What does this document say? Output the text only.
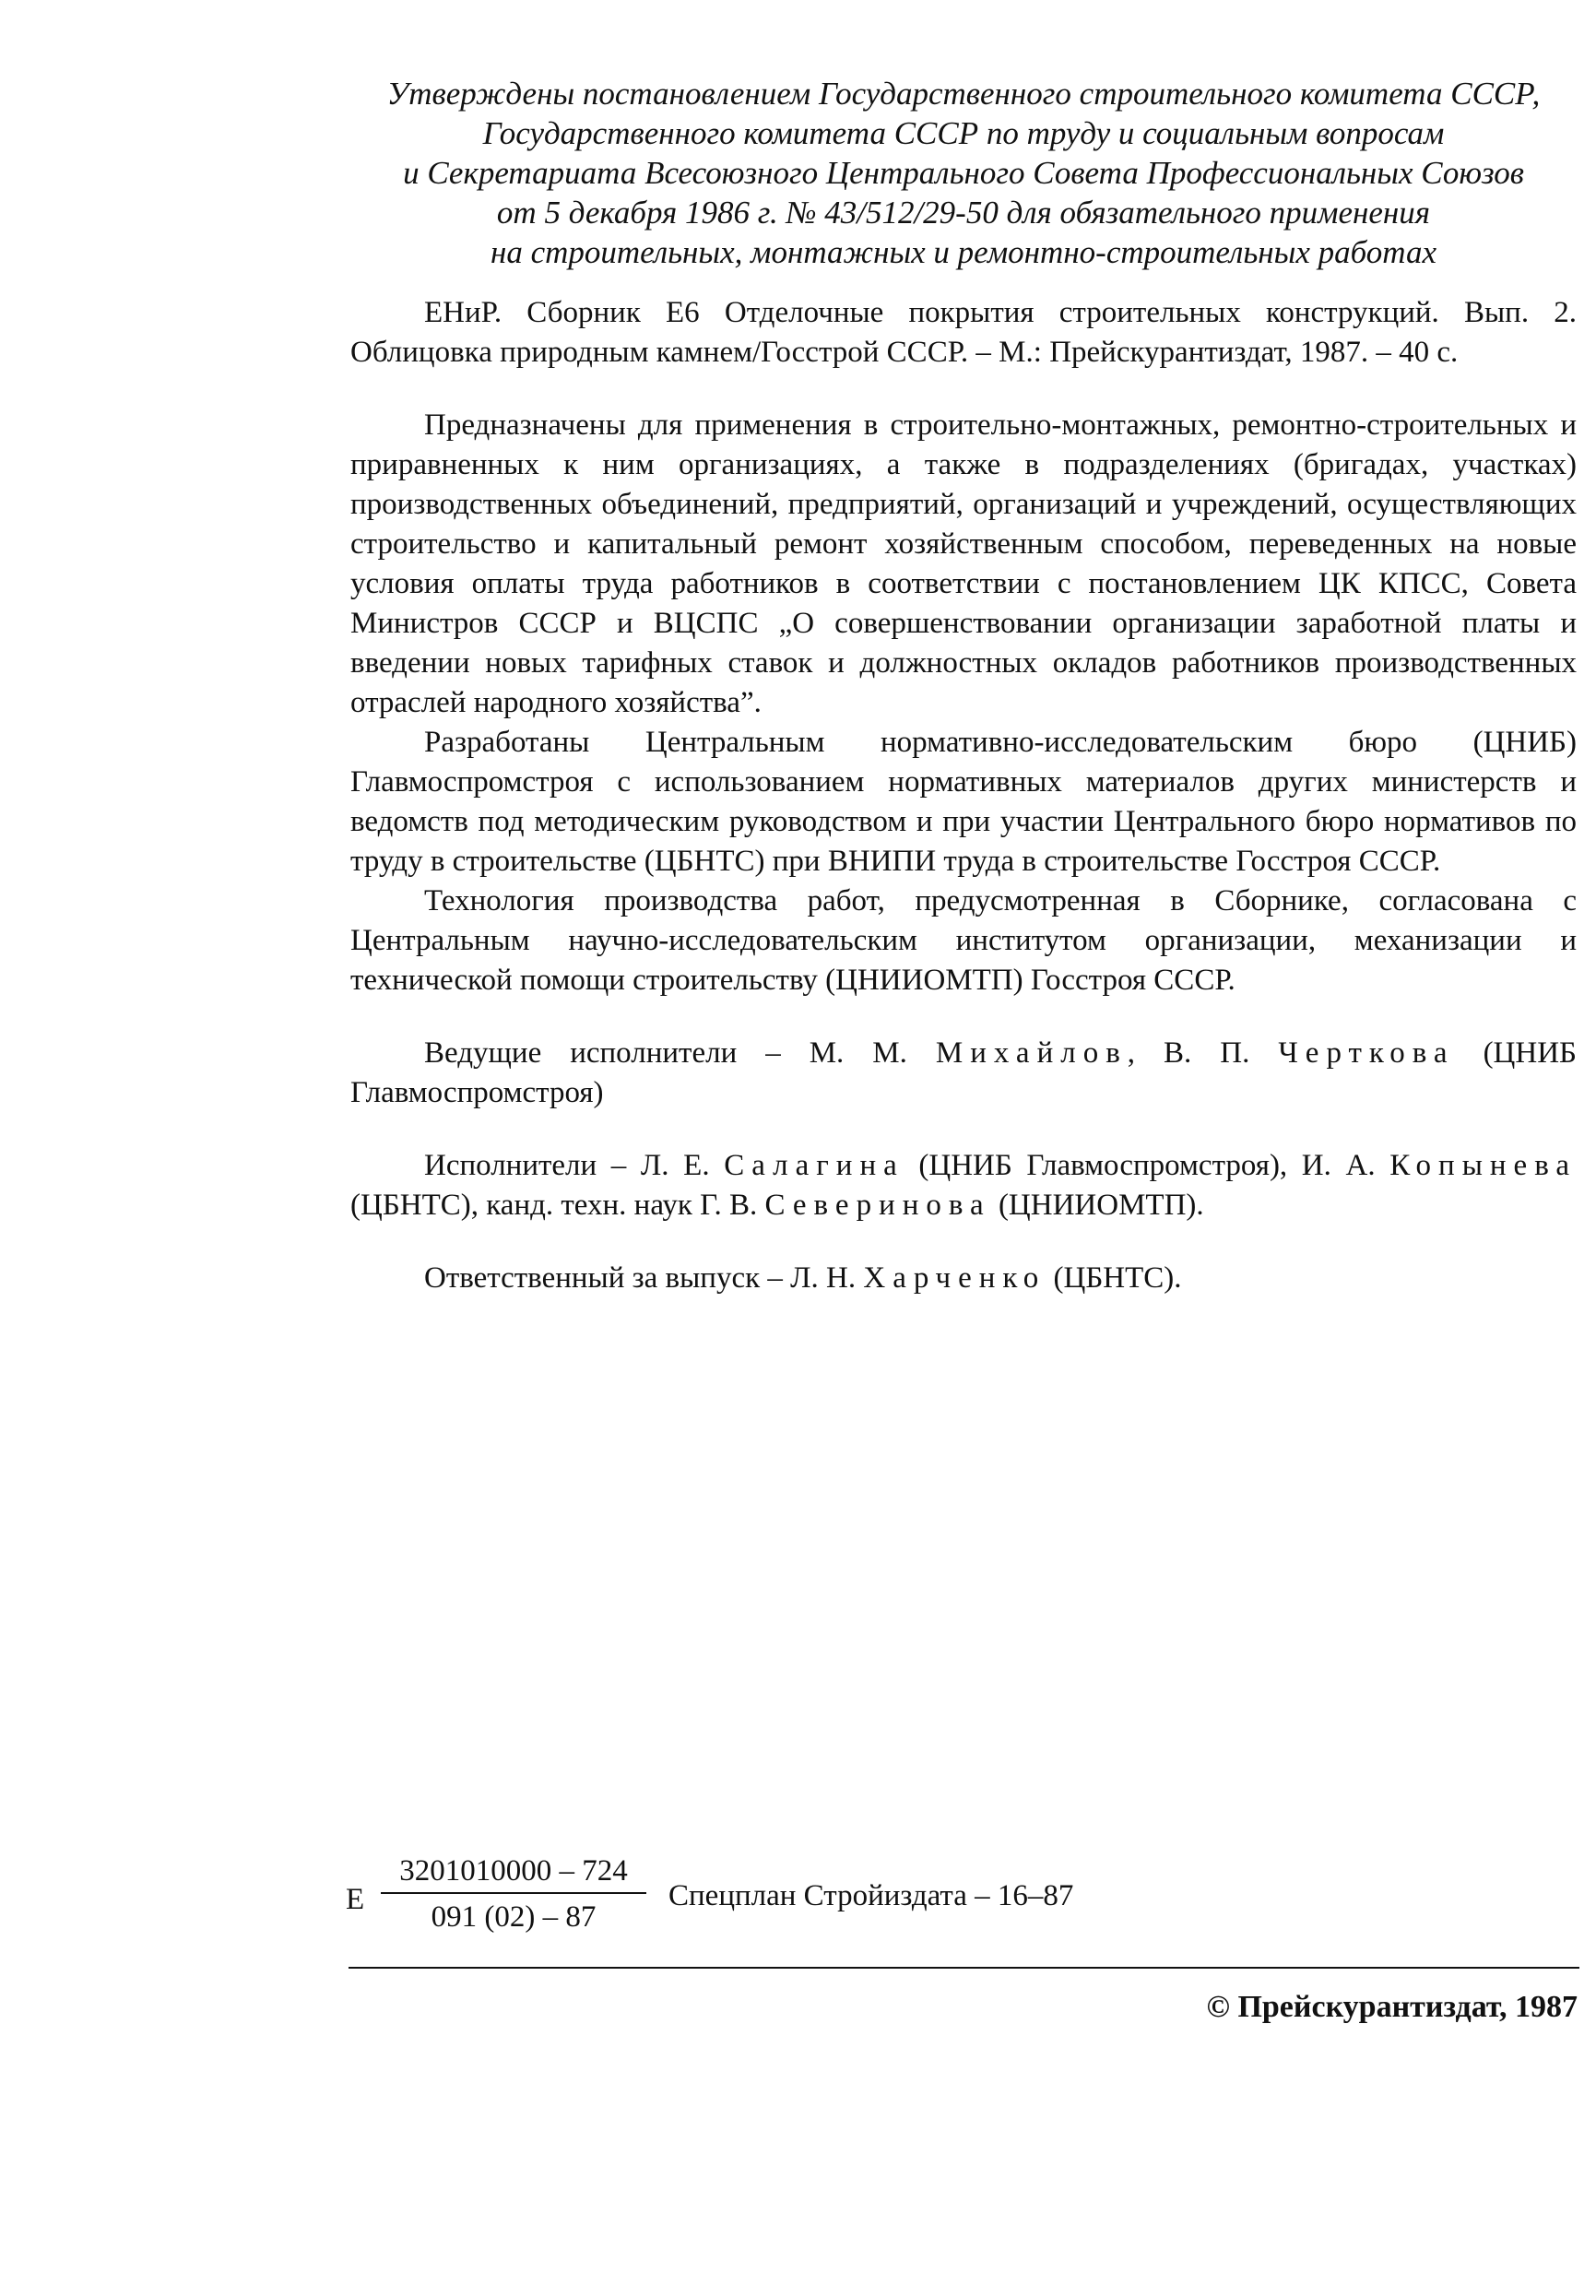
Утверждены постановлением Государственного строительного комитета СССР,
Государственного комитета СССР по труду и социальным вопросам
и Секретариата Всесоюзного Центрального Совета Профессиональных Союзов
от 5 декабря 1986 г. № 43/512/29-50 для обязательного применения
на строительных, монтажных и ремонтно-строительных работах

ЕНиР. Сборник Е6 Отделочные покрытия строительных конструкций. Вып. 2. Облицовка природным камнем/Госстрой СССР. – М.: Прейскурантиздат, 1987. – 40 с.

Предназначены для применения в строительно-монтажных, ремонтно-строительных и приравненных к ним организациях, а также в подразделениях (бригадах, участках) производственных объединений, предприятий, организаций и учреждений, осуществляющих строительство и капитальный ремонт хозяйственным способом, переведенных на новые условия оплаты труда работников в соответствии с постановлением ЦК КПСС, Совета Министров СССР и ВЦСПС „О совершенствовании организации заработной платы и введении новых тарифных ставок и должностных окладов работников производственных отраслей народного хозяйства”.

Разработаны Центральным нормативно-исследовательским бюро (ЦНИБ) Главмоспромстроя с использованием нормативных материалов других министерств и ведомств под методическим руководством и при участии Центрального бюро нормативов по труду в строительстве (ЦБНТС) при ВНИПИ труда в строительстве Госстроя СССР.

Технология производства работ, предусмотренная в Сборнике, согласована с Центральным научно-исследовательским институтом организации, механизации и технической помощи строительству (ЦНИИОМТП) Госстроя СССР.

Ведущие исполнители – М. М. Михайлов, В. П. Черткова (ЦНИБ Главмоспромстроя)

Исполнители – Л. Е. Салагина (ЦНИБ Главмоспромстроя), И. А. Копынева (ЦБНТС), канд. техн. наук Г. В. Северинова (ЦНИИОМТП).

Ответственный за выпуск – Л. Н. Харченко (ЦБНТС).

Е
3201010000 – 724
091 (02) – 87
Спецплан Стройиздата – 16–87
© Прейскурантиздат, 1987
